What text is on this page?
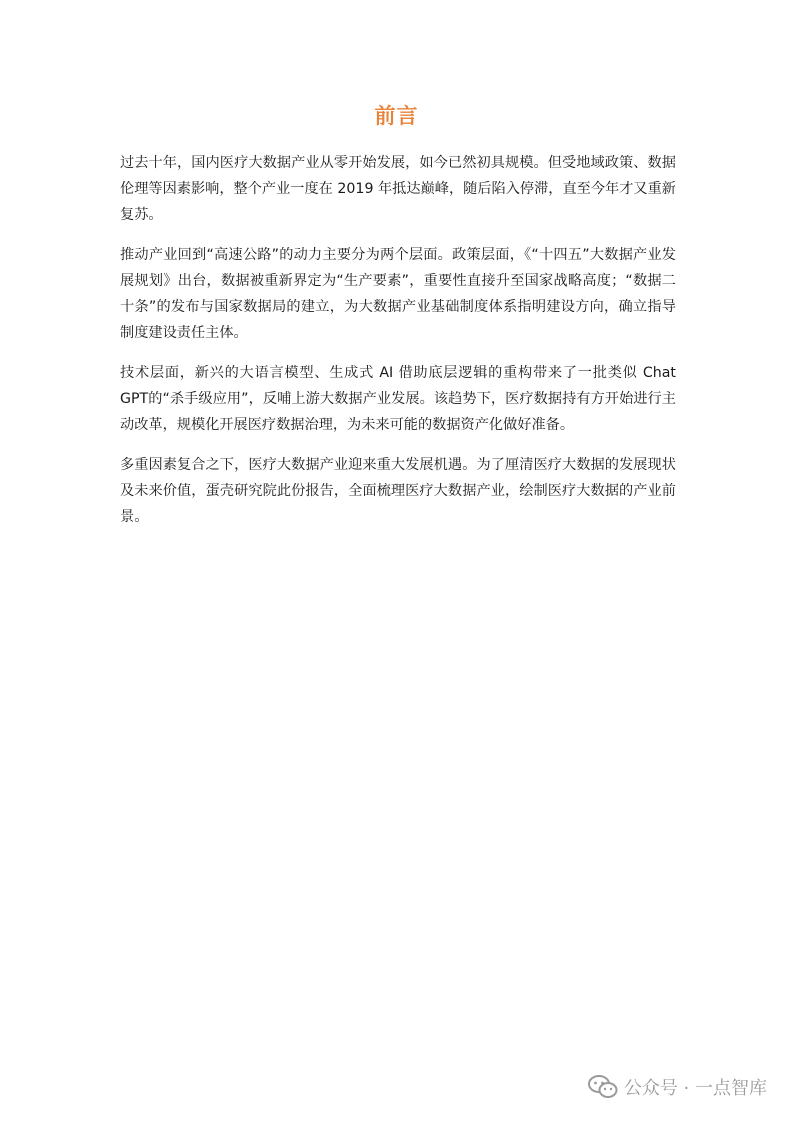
前言

过去十年，国内医疗大数据产业从零开始发展，如今已然初具规模。但受地域政策、数据伦理等因素影响，整个产业一度在 2019 年抵达巅峰，随后陷入停滞，直至今年才又重新复苏。

推动产业回到“高速公路”的动力主要分为两个层面。政策层面，《“十四五”大数据产业发展规划》出台，数据被重新界定为“生产要素”，重要性直接升至国家战略高度；“数据二十条”的发布与国家数据局的建立，为大数据产业基础制度体系指明建设方向，确立指导制度建设责任主体。

技术层面，新兴的大语言模型、生成式 AI 借助底层逻辑的重构带来了一批类似 Chat GPT的“杀手级应用”，反哺上游大数据产业发展。该趋势下，医疗数据持有方开始进行主动改革，规模化开展医疗数据治理，为未来可能的数据资产化做好准备。

多重因素复合之下，医疗大数据产业迎来重大发展机遇。为了厘清医疗大数据的发展现状及未来价值，蛋壳研究院此份报告，全面梳理医疗大数据产业，绘制医疗大数据的产业前景。

公众号 · 一点智库
